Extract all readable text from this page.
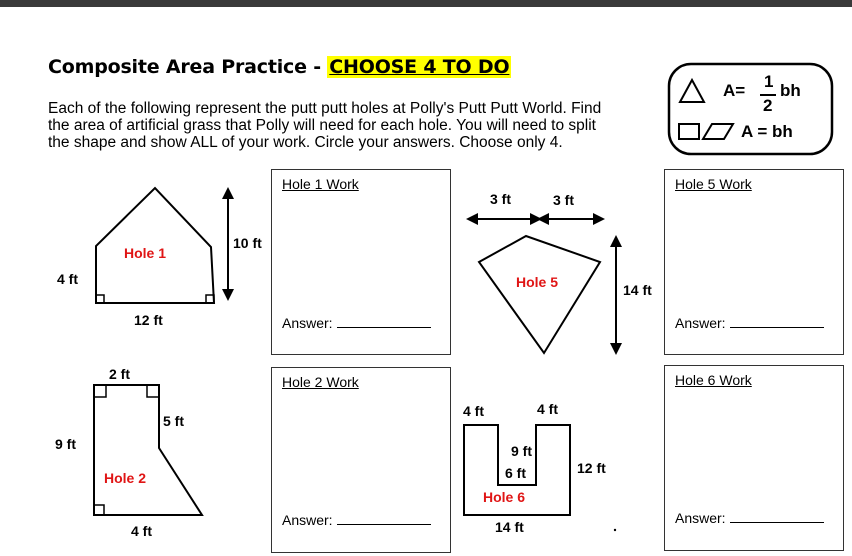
Composite Area Practice - CHOOSE 4 TO DO
Each of the following represent the putt putt holes at Polly's Putt Putt World. Find
the area of artificial grass that Polly will need for each hole. You will need to split
the shape and show ALL of your work. Circle your answers. Choose only 4.
A= 1
2
bh
A = bh
Hole 1 Work
Answer:
Hole 2 Work
Answer:
Hole 5 Work
Answer:
Hole 6 Work
Answer:
Hole 1
4 ft
12 ft
10 ft
2 ft
5 ft
9 ft
Hole 2
4 ft
3 ft	3 ft
Hole 5	14 ft
4 ft	4 ft
9 ft
6 ft	12 ft
Hole 6
14 ft
